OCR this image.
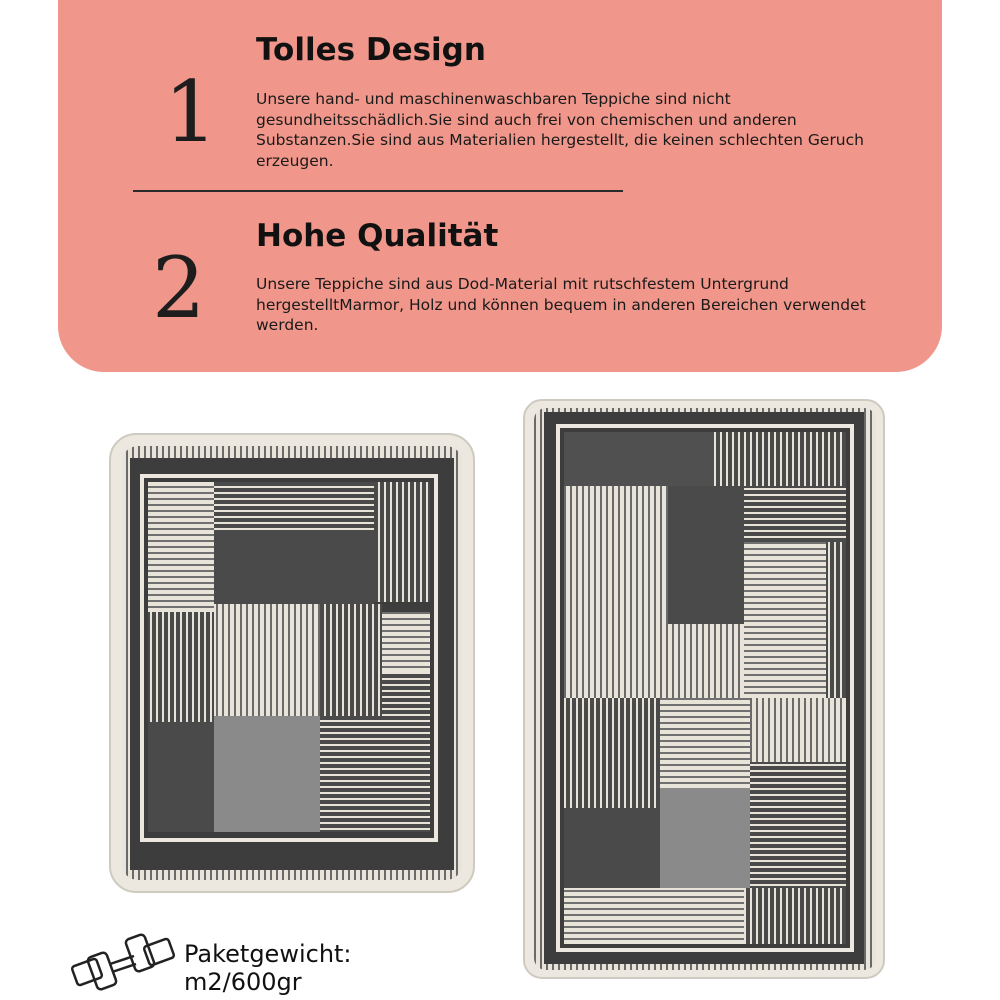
1
Tolles Design
Unsere hand- und maschinenwaschbaren Teppiche sind nicht gesundheitsschädlich.Sie sind auch frei von chemischen und anderen Substanzen.Sie sind aus Materialien hergestellt, die keinen schlechten Geruch erzeugen.
2
Hohe Qualität
Unsere Teppiche sind aus Dod-Material mit rutschfestem Untergrund hergestelltMarmor, Holz und können bequem in anderen Bereichen verwendet werden.
Paketgewicht:
m2/600gr
